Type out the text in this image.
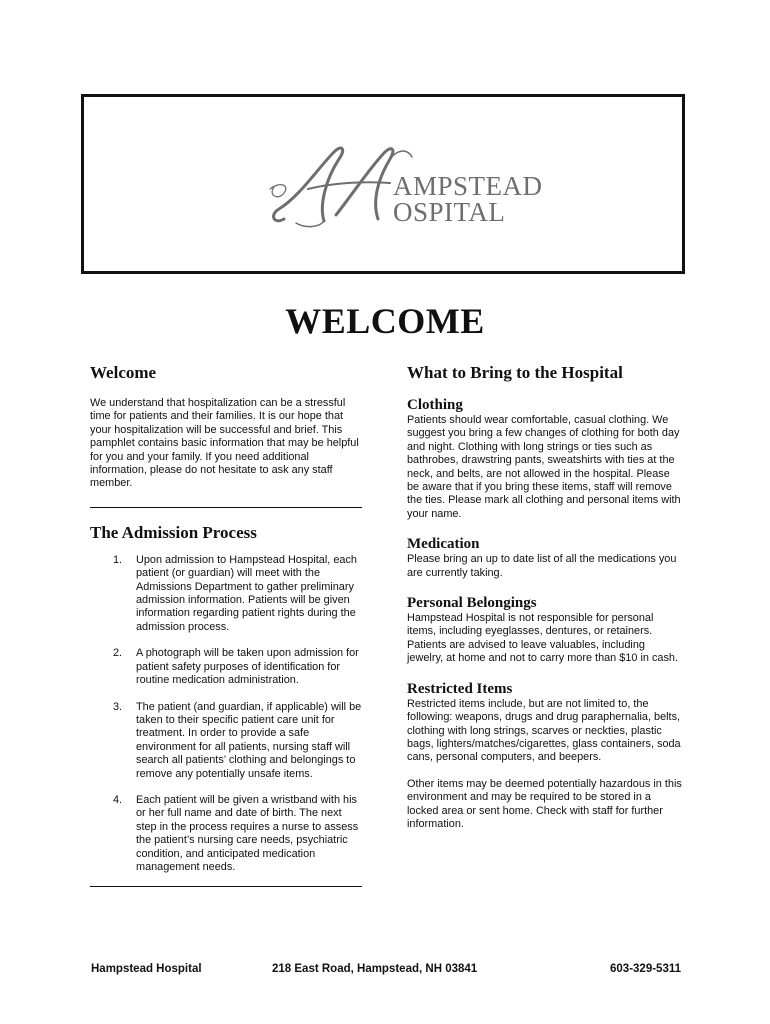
AMPSTEAD
OSPITAL
WELCOME
Welcome

We understand that hospitalization can be a stressful time for patients and their families. It is our hope that your hospitalization will be successful and brief. This pamphlet contains basic information that may be helpful for you and your family. If you need additional information, please do not hesitate to ask any staff member.

The Admission Process
1. Upon admission to Hampstead Hospital, each patient (or guardian) will meet with the Admissions Department to gather preliminary admission information. Patients will be given information regarding patient rights during the admission process.
2. A photograph will be taken upon admission for patient safety purposes of identification for routine medication administration.
3. The patient (and guardian, if applicable) will be taken to their specific patient care unit for treatment. In order to provide a safe environment for all patients, nursing staff will search all patients’ clothing and belongings to remove any potentially unsafe items.
4. Each patient will be given a wristband with his or her full name and date of birth. The next step in the process requires a nurse to assess the patient’s nursing care needs, psychiatric condition, and anticipated medication management needs.
What to Bring to the Hospital
Clothing

Patients should wear comfortable, casual clothing. We suggest you bring a few changes of clothing for both day and night. Clothing with long strings or ties such as bathrobes, drawstring pants, sweatshirts with ties at the neck, and belts, are not allowed in the hospital. Please be aware that if you bring these items, staff will remove the ties. Please mark all clothing and personal items with your name.

Medication

Please bring an up to date list of all the medications you are currently taking.

Personal Belongings

Hampstead Hospital is not responsible for personal items, including eyeglasses, dentures, or retainers. Patients are advised to leave valuables, including jewelry, at home and not to carry more than $10 in cash.

Restricted Items

Restricted items include, but are not limited to, the following: weapons, drugs and drug paraphernalia, belts, clothing with long strings, scarves or neckties, plastic bags, lighters/matches/cigarettes, glass containers, soda cans, personal computers, and beepers.

Other items may be deemed potentially hazardous in this environment and may be required to be stored in a locked area or sent home. Check with staff for further information.

Hampstead Hospital	218 East Road, Hampstead, NH 03841	603-329-5311
